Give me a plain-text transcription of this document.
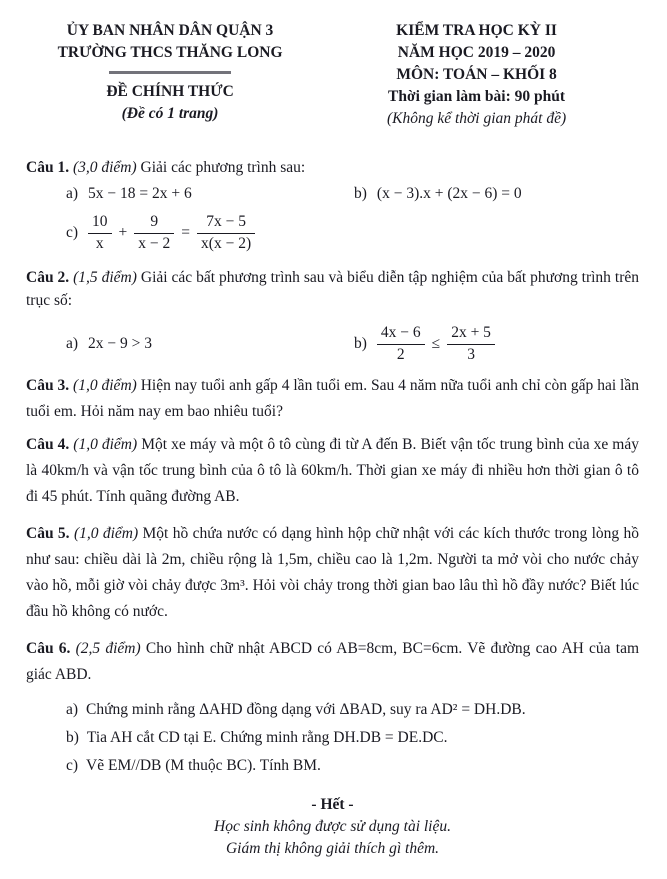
ỦY BAN NHÂN DÂN QUẬN 3
TRƯỜNG THCS THĂNG LONG
ĐỀ CHÍNH THỨC
(Đề có 1 trang)
KIỂM TRA HỌC KỲ II
NĂM HỌC 2019 – 2020
MÔN: TOÁN – KHỐI 8
Thời gian làm bài: 90 phút
(Không kể thời gian phát đề)

Câu 1. (3,0 điểm) Giải các phương trình sau:

a) 5x − 18 = 2x + 6	b) (x − 3).x + (2x − 6) = 0
$c) \frac{10}{x} + \frac{9}{x - 2} = \frac{7x - 5}{x(x - 2)}$

Câu 2. (1,5 điểm) Giải các bất phương trình sau và biểu diễn tập nghiệm của bất phương trình trên trục số:

a) 2x − 9 > 3	$b) \frac{4x - 6}{2} \le \frac{2x + 5}{3}$

Câu 3. (1,0 điểm) Hiện nay tuổi anh gấp 4 lần tuổi em. Sau 4 năm nữa tuổi anh chỉ còn gấp hai lần tuổi em. Hỏi năm nay em bao nhiêu tuổi?

Câu 4. (1,0 điểm) Một xe máy và một ô tô cùng đi từ A đến B. Biết vận tốc trung bình của xe máy là 40km/h và vận tốc trung bình của ô tô là 60km/h. Thời gian xe máy đi nhiều hơn thời gian ô tô đi 45 phút. Tính quãng đường AB.

Câu 5. (1,0 điểm) Một hồ chứa nước có dạng hình hộp chữ nhật với các kích thước trong lòng hồ như sau: chiều dài là 2m, chiều rộng là 1,5m, chiều cao là 1,2m. Người ta mở vòi cho nước chảy vào hồ, mỗi giờ vòi chảy được 3m³. Hỏi vòi chảy trong thời gian bao lâu thì hồ đầy nước? Biết lúc đầu hồ không có nước.

Câu 6. (2,5 điểm) Cho hình chữ nhật ABCD có AB=8cm, BC=6cm. Vẽ đường cao AH của tam giác ABD.

a) Chứng minh rằng ΔAHD đồng dạng với ΔBAD, suy ra AD² = DH.DB.
b) Tia AH cắt CD tại E. Chứng minh rằng DH.DB = DE.DC.
c) Vẽ EM//DB (M thuộc BC). Tính BM.
- Hết -
Học sinh không được sử dụng tài liệu.
Giám thị không giải thích gì thêm.
